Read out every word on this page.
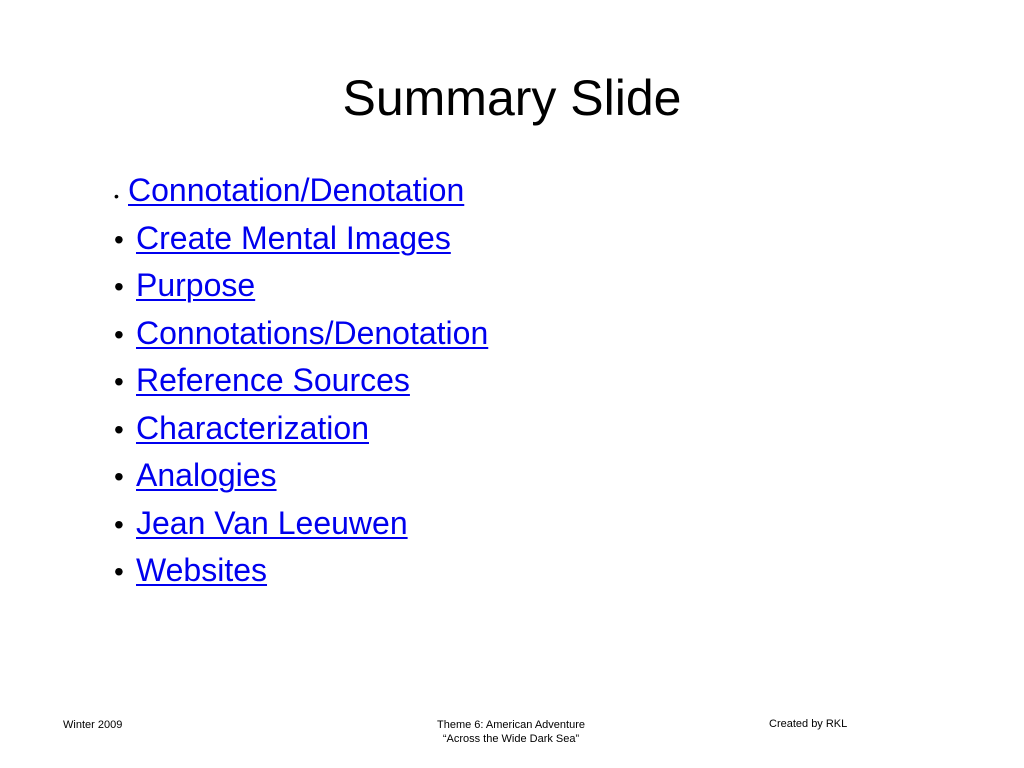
Summary Slide
• Connotation/Denotation
• Create Mental Images
• Purpose
• Connotations/Denotation
• Reference Sources
• Characterization
• Analogies
• Jean Van Leeuwen
• Websites
Winter 2009	Theme 6: American Adventure
“Across the Wide Dark Sea”
Created by RKL
